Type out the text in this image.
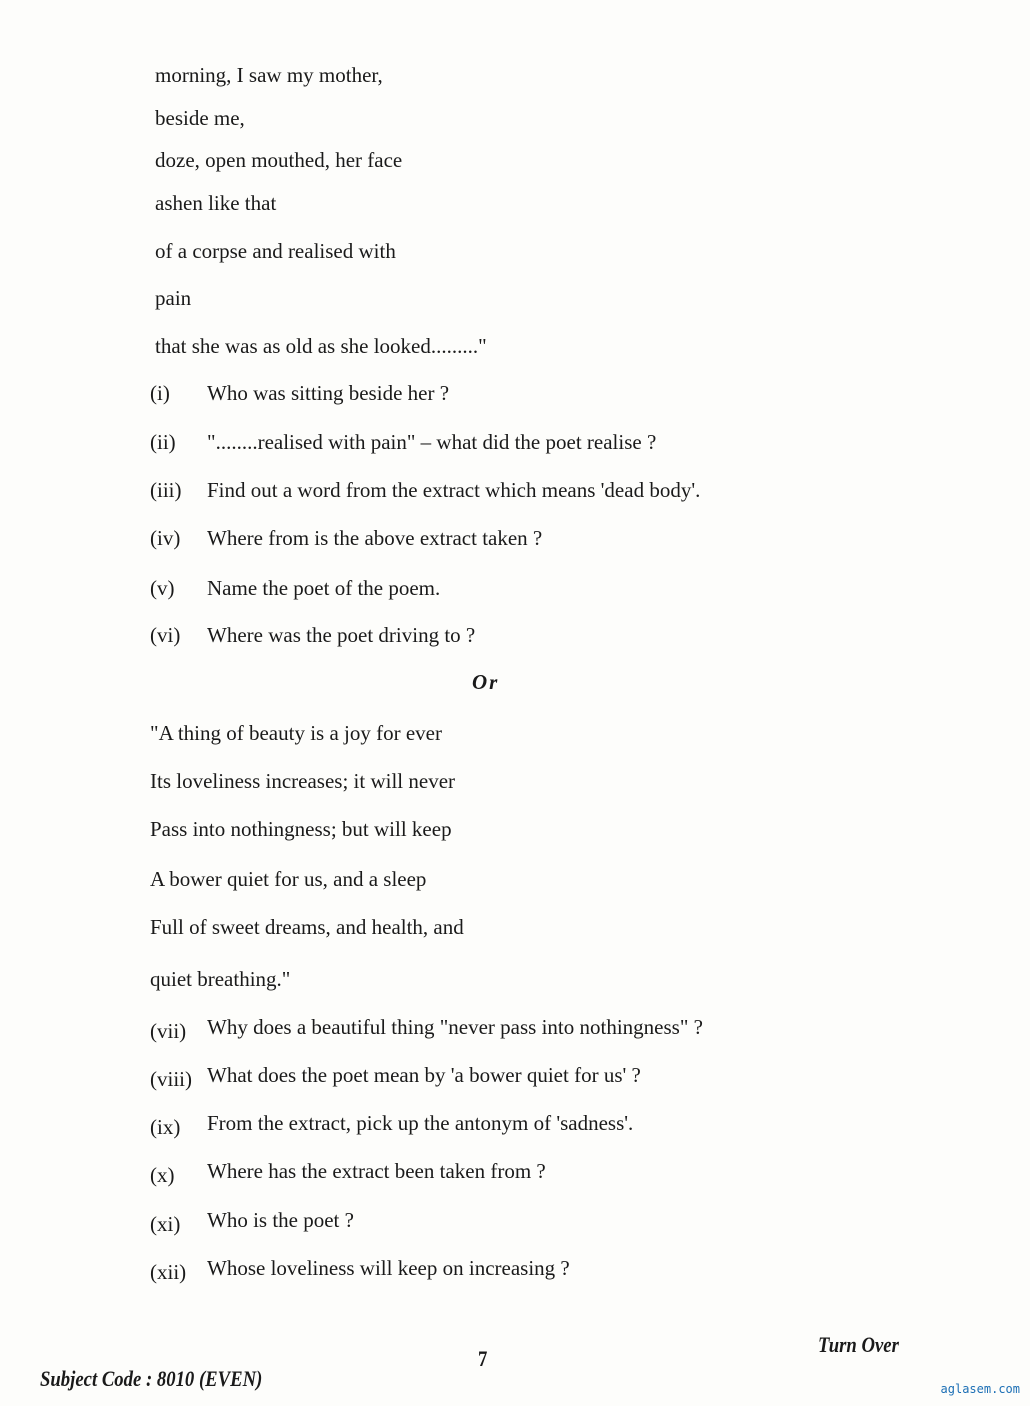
morning, I saw my mother,
beside me,
doze, open mouthed, her face
ashen like that
of a corpse and realised with
pain
that she was as old as she looked........."
(i) Who was sitting beside her ?
(ii) "........realised with pain" – what did the poet realise ?
(iii) Find out a word from the extract which means 'dead body'.
(iv) Where from is the above extract taken ?
(v) Name the poet of the poem.
(vi) Where was the poet driving to ?
"A thing of beauty is a joy for ever
Its loveliness increases; it will never
Pass into nothingness; but will keep
A bower quiet for us, and a sleep
Full of sweet dreams, and health, and
quiet breathing."
(vii) Why does a beautiful thing "never pass into nothingness" ?
(viii) What does the poet mean by 'a bower quiet for us' ?
(ix) From the extract, pick up the antonym of 'sadness'.
(x) Where has the extract been taken from ?
(xi) Who is the poet ?
(xii) Whose loveliness will keep on increasing ?
Or
Subject Code : 8010 (EVEN)
7
Turn Over
aglasem.com
